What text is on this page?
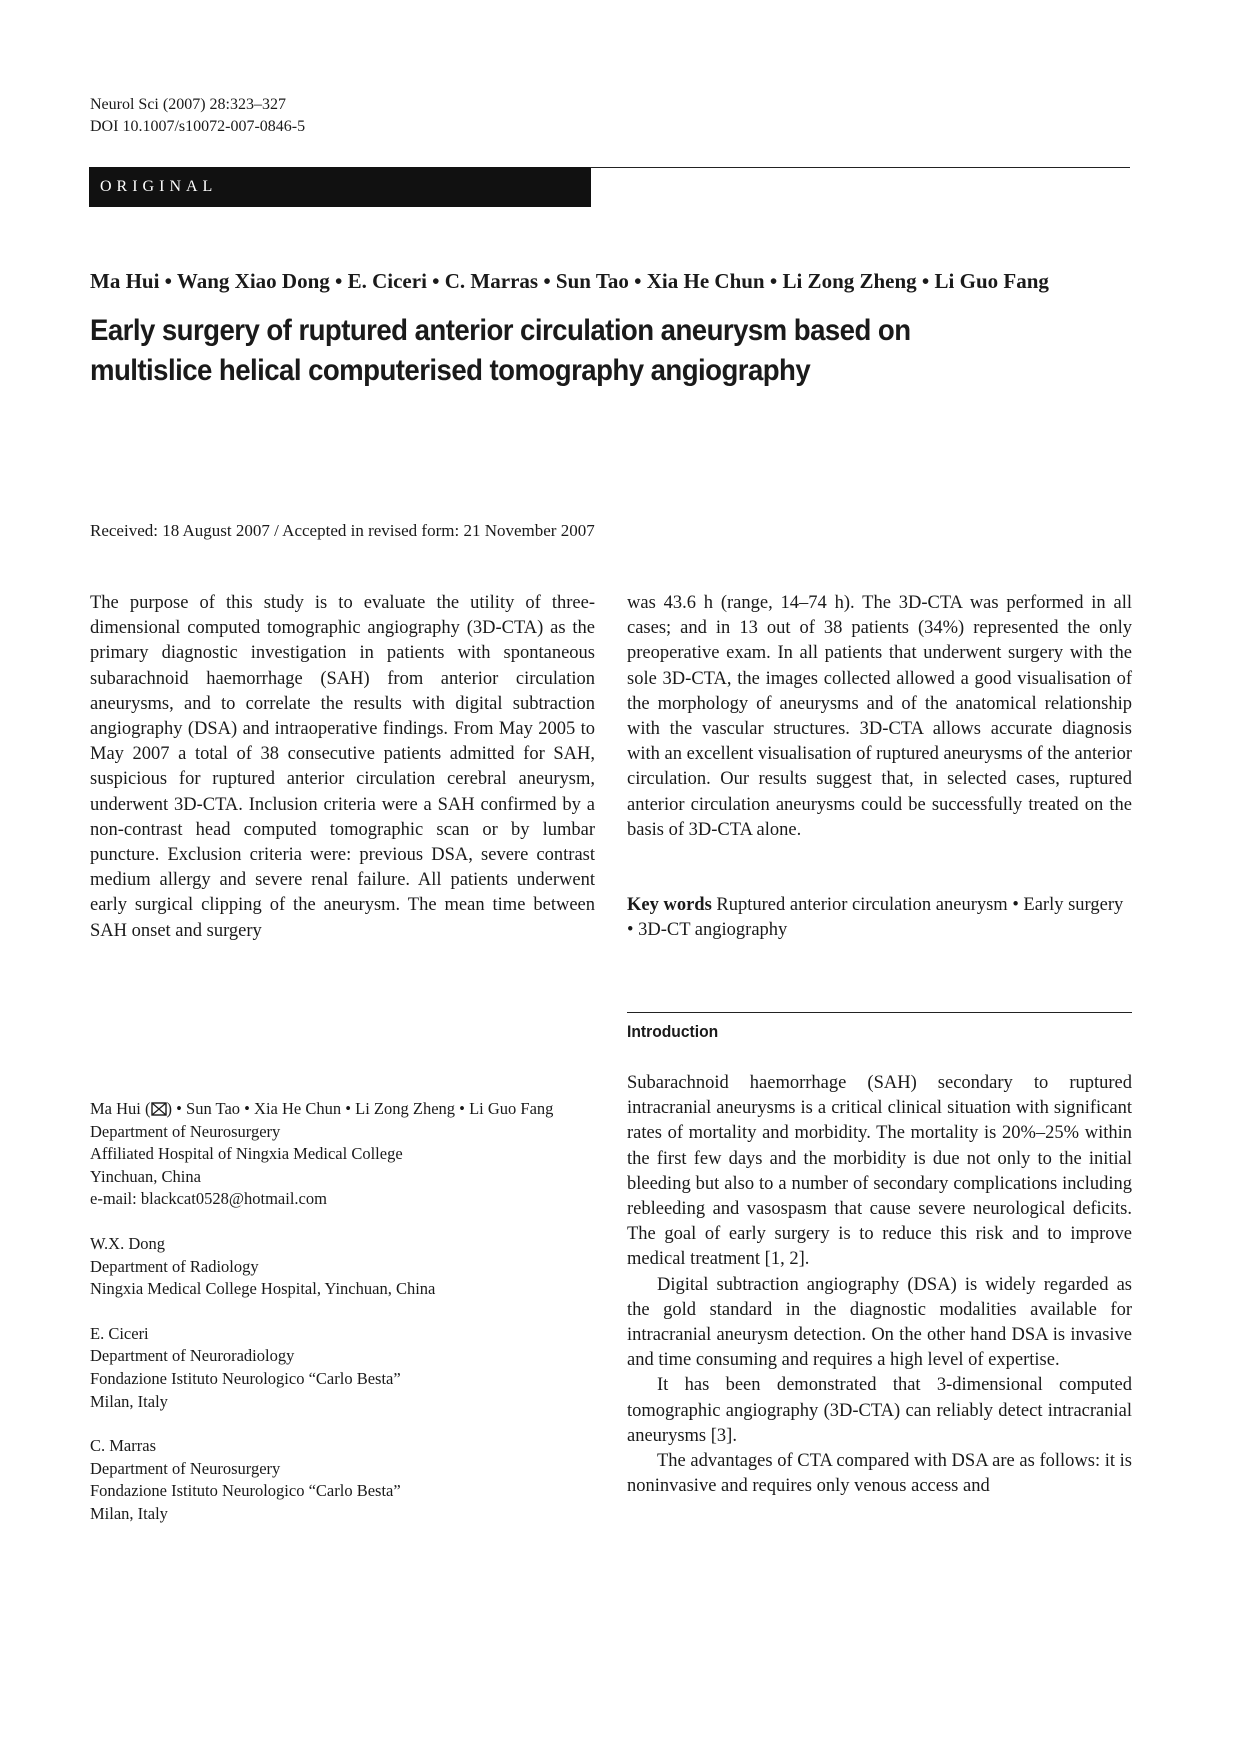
Neurol Sci (2007) 28:323–327
DOI 10.1007/s10072-007-0846-5
ORIGINAL
Ma Hui • Wang Xiao Dong • E. Ciceri • C. Marras • Sun Tao • Xia He Chun • Li Zong Zheng • Li Guo Fang
Early surgery of ruptured anterior circulation aneurysm based on
multislice helical computerised tomography angiography
Received: 18 August 2007 / Accepted in revised form: 21 November 2007
The purpose of this study is to evaluate the utility of three-dimensional computed tomographic angiography (3D-CTA) as the primary diagnostic investigation in patients with spontaneous subarachnoid haemorrhage (SAH) from anterior circulation aneurysms, and to correlate the results with digital subtraction angiography (DSA) and intraoperative findings. From May 2005 to May 2007 a total of 38 consecutive patients admitted for SAH, suspicious for ruptured anterior circulation cerebral aneurysm, underwent 3D-CTA. Inclusion criteria were a SAH confirmed by a non-contrast head computed tomographic scan or by lumbar puncture. Exclusion criteria were: previous DSA, severe contrast medium allergy and severe renal failure. All patients underwent early surgical clipping of the aneurysm. The mean time between SAH onset and surgery
was 43.6 h (range, 14–74 h). The 3D-CTA was performed in all cases; and in 13 out of 38 patients (34%) represented the only preoperative exam. In all patients that underwent surgery with the sole 3D-CTA, the images collected allowed a good visualisation of the morphology of aneurysms and of the anatomical relationship with the vascular structures. 3D-CTA allows accurate diagnosis with an excellent visualisation of ruptured aneurysms of the anterior circulation. Our results suggest that, in selected cases, ruptured anterior circulation aneurysms could be successfully treated on the basis of 3D-CTA alone.
Key words Ruptured anterior circulation aneurysm • Early surgery • 3D-CT angiography
Introduction

Subarachnoid haemorrhage (SAH) secondary to ruptured intracranial aneurysms is a critical clinical situation with significant rates of mortality and morbidity. The mortality is 20%–25% within the first few days and the morbidity is due not only to the initial bleeding but also to a number of secondary complications including rebleeding and vasospasm that cause severe neurological deficits. The goal of early surgery is to reduce this risk and to improve medical treatment [1, 2].

Digital subtraction angiography (DSA) is widely regarded as the gold standard in the diagnostic modalities available for intracranial aneurysm detection. On the other hand DSA is invasive and time consuming and requires a high level of expertise.

It has been demonstrated that 3-dimensional computed tomographic angiography (3D-CTA) can reliably detect intracranial aneurysms [3].

The advantages of CTA compared with DSA are as follows: it is noninvasive and requires only venous access and

Ma Hui ( ) • Sun Tao • Xia He Chun • Li Zong Zheng • Li Guo Fang
Department of Neurosurgery
Affiliated Hospital of Ningxia Medical College
Yinchuan, China
e-mail: blackcat0528@hotmail.com
W.X. Dong
Department of Radiology
Ningxia Medical College Hospital, Yinchuan, China
E. Ciceri
Department of Neuroradiology
Fondazione Istituto Neurologico “Carlo Besta”
Milan, Italy
C. Marras
Department of Neurosurgery
Fondazione Istituto Neurologico “Carlo Besta”
Milan, Italy
